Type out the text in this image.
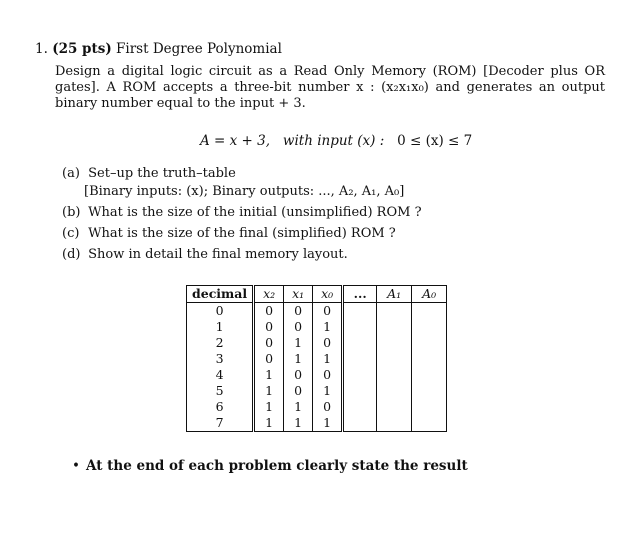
1. (25 pts) First Degree Polynomial
Design a digital logic circuit as a Read Only Memory (ROM) [Decoder plus OR gates]. A ROM accepts a three-bit number x : (x₂x₁x₀) and generates an output binary number equal to the input + 3.
A = x + 3, with input (x) : 0 ≤ (x) ≤ 7
(a) Set–up the truth–table
[Binary inputs: (x); Binary outputs: ..., A₂, A₁, A₀]
(b) What is the size of the initial (unsimplified) ROM ?
(c) What is the size of the final (simplified) ROM ?
(d) Show in detail the final memory layout.
decimal	x₂	x₁	x₀	...	A₁	A₀
0	0	0	0			
1	0	0	1			
2	0	1	0			
3	0	1	1			
4	1	0	0			
5	1	0	1			
6	1	1	0			
7	1	1	1			
• At the end of each problem clearly state the result
